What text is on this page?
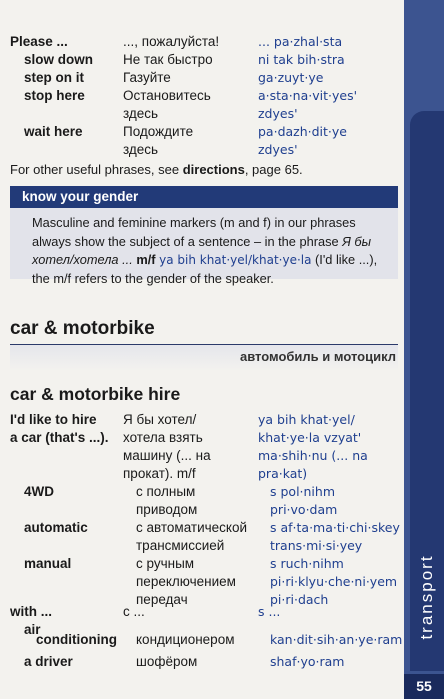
Please ...	..., пожалуйста!	... pa·zhal·sta
slow down Не так быстро	ni tak bih·stra
step on it	Газуйте	ga·zuyt·ye
stop here	Остановитесь	a·sta·na·vit·yes'
здесь	zdyes'
wait here	Подождите	pa·dazh·dit·ye
здесь	zdyes'
For other useful phrases, see directions, page 65.
know your gender
Masculine and feminine markers (m and f) in our phrases
always show the subject of a sentence – in the phrase Я бы
хотел/хотела ... m/f ya bih khat·yel/khat·ye·la (I'd like ...),
the m/f refers to the gender of the speaker.
car & motorbike
автомобиль и мотоцикл
car & motorbike hire
I'd like to hire Я бы хотел/	ya bih khat·yel/
a car (that's ...). хотела взять	khat·ye·la vzyat'
машину (... на	ma·shih·nu (... na
прокат). m/f	pra·kat)
4WD	с полным	s pol·nihm
приводом	pri·vo·dam
automatic	с автоматической s af·ta·ma·ti·chi·skey
трансмиссией	trans·mi·si·yey
manual	с ручным	s ruch·nihm
переключением	pi·ri·klyu·che·ni·yem
передач	pi·ri·dach
with ...	с ...	s ...
air
conditioning кондиционером	kan·dit·sih·an·ye·ram
a driver	шофёром	shaf·yo·ram
transport
55
